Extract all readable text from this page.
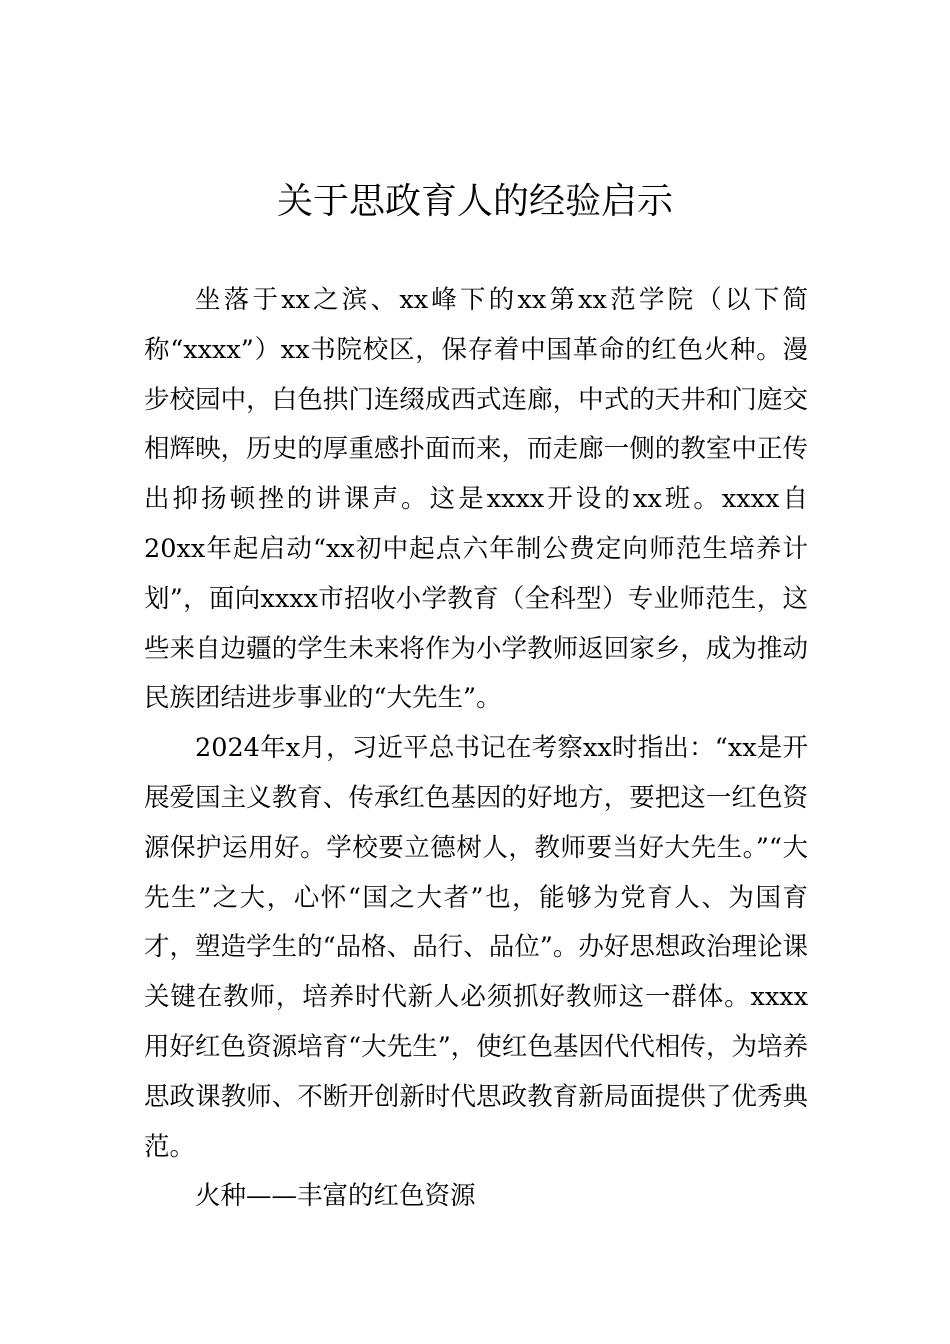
关于思政育人的经验启示

坐落于xx之滨、xx峰下的xx第xx范学院（以下简称“xxxx”）xx书院校区，保存着中国革命的红色火种。漫步校园中，白色拱门连缀成西式连廊，中式的天井和门庭交相辉映，历史的厚重感扑面而来，而走廊一侧的教室中正传出抑扬顿挫的讲课声。这是xxxx开设的xx班。xxxx自20xx年起启动“xx初中起点六年制公费定向师范生培养计划”，面向xxxx市招收小学教育（全科型）专业师范生，这些来自边疆的学生未来将作为小学教师返回家乡，成为推动民族团结进步事业的“大先生”。

2024年x月，习近平总书记在考察xx时指出：“xx是开展爱国主义教育、传承红色基因的好地方，要把这一红色资源保护运用好。学校要立德树人，教师要当好大先生。”“大先生”之大，心怀“国之大者”也，能够为党育人、为国育才，塑造学生的“品格、品行、品位”。办好思想政治理论课关键在教师，培养时代新人必须抓好教师这一群体。xxxx用好红色资源培育“大先生”，使红色基因代代相传，为培养思政课教师、不断开创新时代思政教育新局面提供了优秀典范。

火种——丰富的红色资源
